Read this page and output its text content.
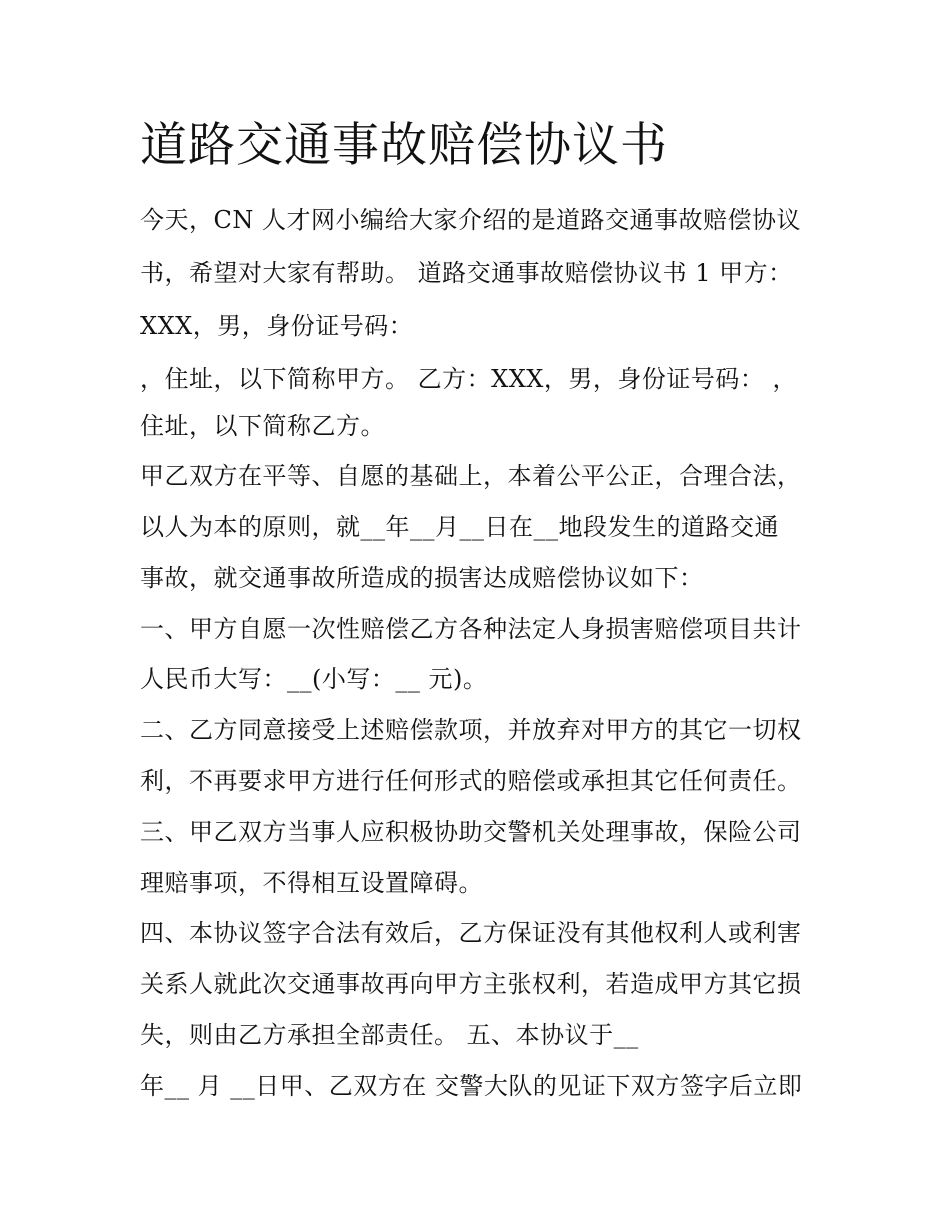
道路交通事故赔偿协议书
今天，CN 人才网小编给大家介绍的是道路交通事故赔偿协议
书，希望对大家有帮助。 道路交通事故赔偿协议书 1 甲方：
XXX，男，身份证号码：
，住址，以下简称甲方。 乙方：XXX，男，身份证号码： ，
住址，以下简称乙方。
甲乙双方在平等、自愿的基础上，本着公平公正，合理合法，
以人为本的原则，就__年__月__日在__地段发生的道路交通
事故，就交通事故所造成的损害达成赔偿协议如下：
一、甲方自愿一次性赔偿乙方各种法定人身损害赔偿项目共计
人民币大写：__(小写：__ 元)。
二、乙方同意接受上述赔偿款项，并放弃对甲方的其它一切权
利，不再要求甲方进行任何形式的赔偿或承担其它任何责任。
三、甲乙双方当事人应积极协助交警机关处理事故，保险公司
理赔事项，不得相互设置障碍。
四、本协议签字合法有效后，乙方保证没有其他权利人或利害
关系人就此次交通事故再向甲方主张权利，若造成甲方其它损
失，则由乙方承担全部责任。 五、本协议于__
年__ 月 __日甲、乙双方在 交警大队的见证下双方签字后立即
